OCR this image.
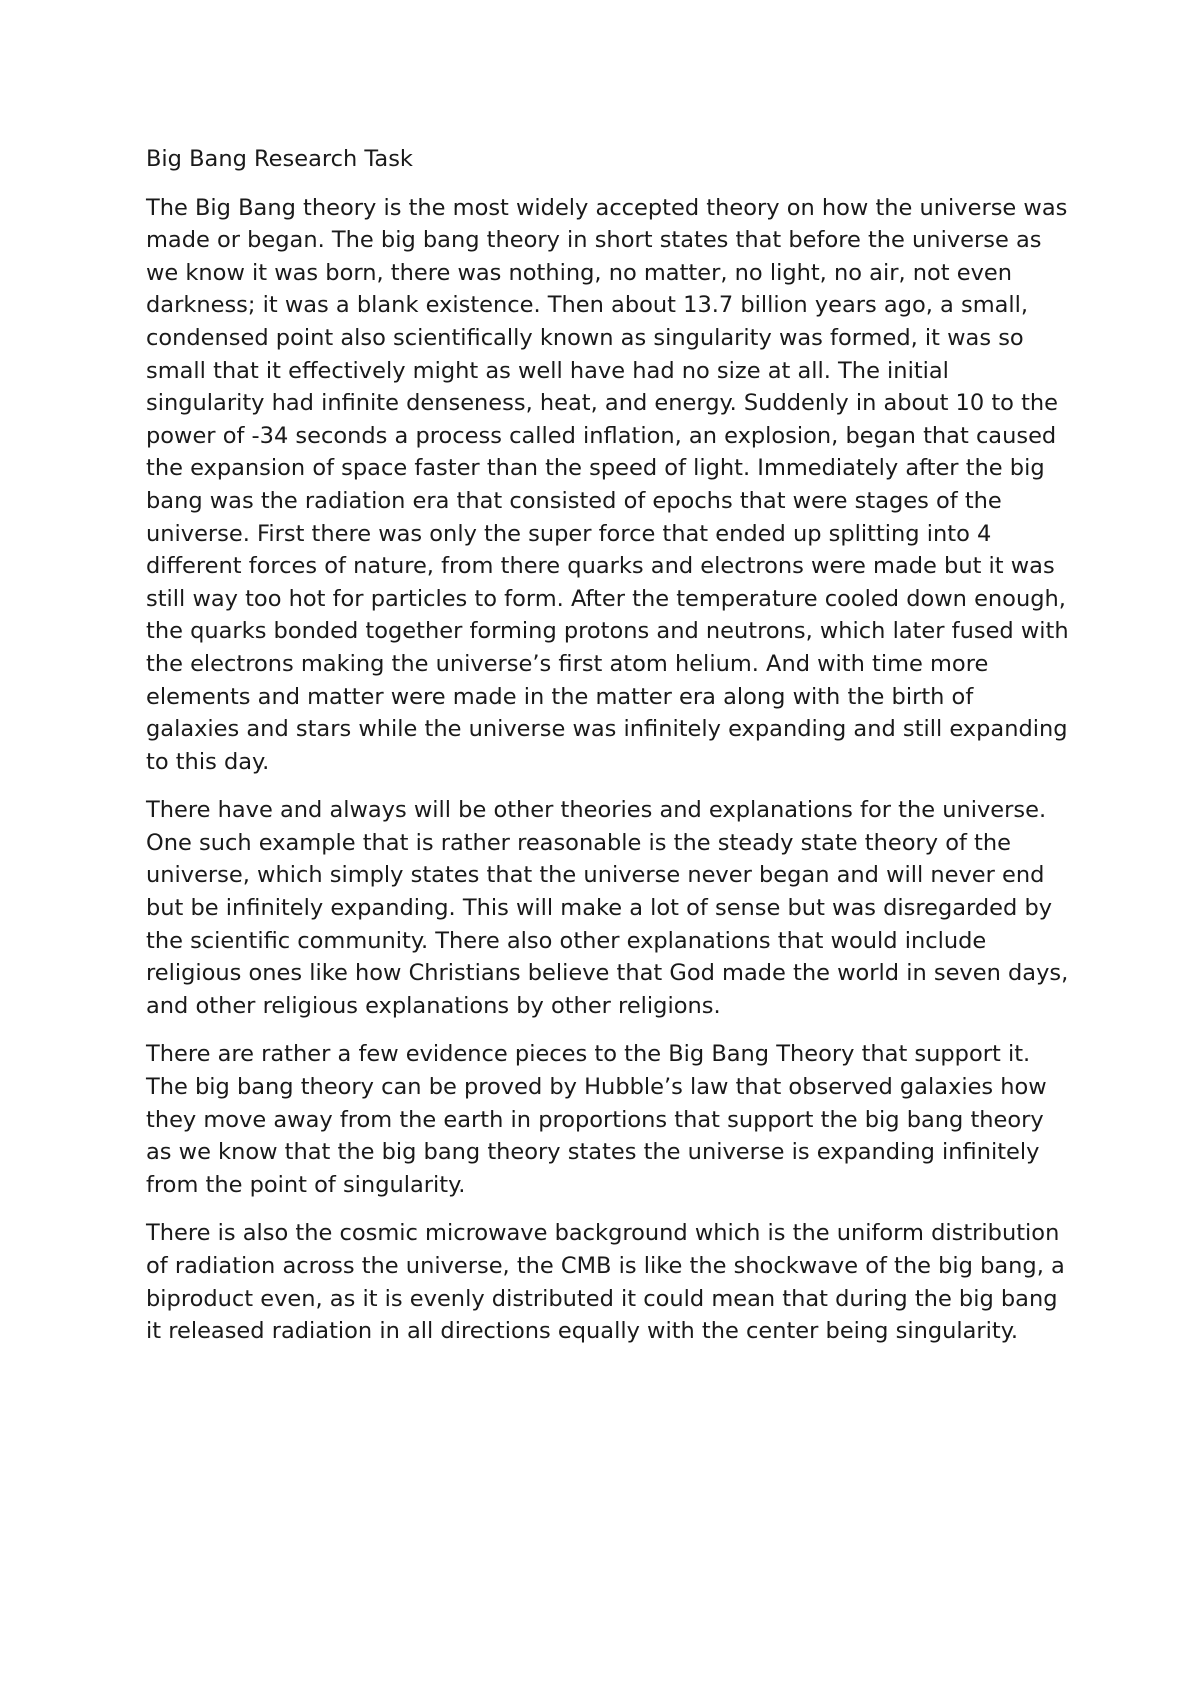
Big Bang Research Task

The Big Bang theory is the most widely accepted theory on how the universe was made or began. The big bang theory in short states that before the universe as we know it was born, there was nothing, no matter, no light, no air, not even darkness; it was a blank existence. Then about 13.7 billion years ago, a small, condensed point also scientifically known as singularity was formed, it was so small that it effectively might as well have had no size at all. The initial singularity had infinite denseness, heat, and energy. Suddenly in about 10 to the power of -34 seconds a process called inflation, an explosion, began that caused the expansion of space faster than the speed of light. Immediately after the big bang was the radiation era that consisted of epochs that were stages of the universe. First there was only the super force that ended up splitting into 4 different forces of nature, from there quarks and electrons were made but it was still way too hot for particles to form. After the temperature cooled down enough, the quarks bonded together forming protons and neutrons, which later fused with the electrons making the universe’s first atom helium. And with time more elements and matter were made in the matter era along with the birth of galaxies and stars while the universe was infinitely expanding and still expanding to this day.

There have and always will be other theories and explanations for the universe. One such example that is rather reasonable is the steady state theory of the universe, which simply states that the universe never began and will never end but be infinitely expanding. This will make a lot of sense but was disregarded by the scientific community. There also other explanations that would include religious ones like how Christians believe that God made the world in seven days, and other religious explanations by other religions.

There are rather a few evidence pieces to the Big Bang Theory that support it. The big bang theory can be proved by Hubble’s law that observed galaxies how they move away from the earth in proportions that support the big bang theory as we know that the big bang theory states the universe is expanding infinitely from the point of singularity.

There is also the cosmic microwave background which is the uniform distribution of radiation across the universe, the CMB is like the shockwave of the big bang, a biproduct even, as it is evenly distributed it could mean that during the big bang it released radiation in all directions equally with the center being singularity.
